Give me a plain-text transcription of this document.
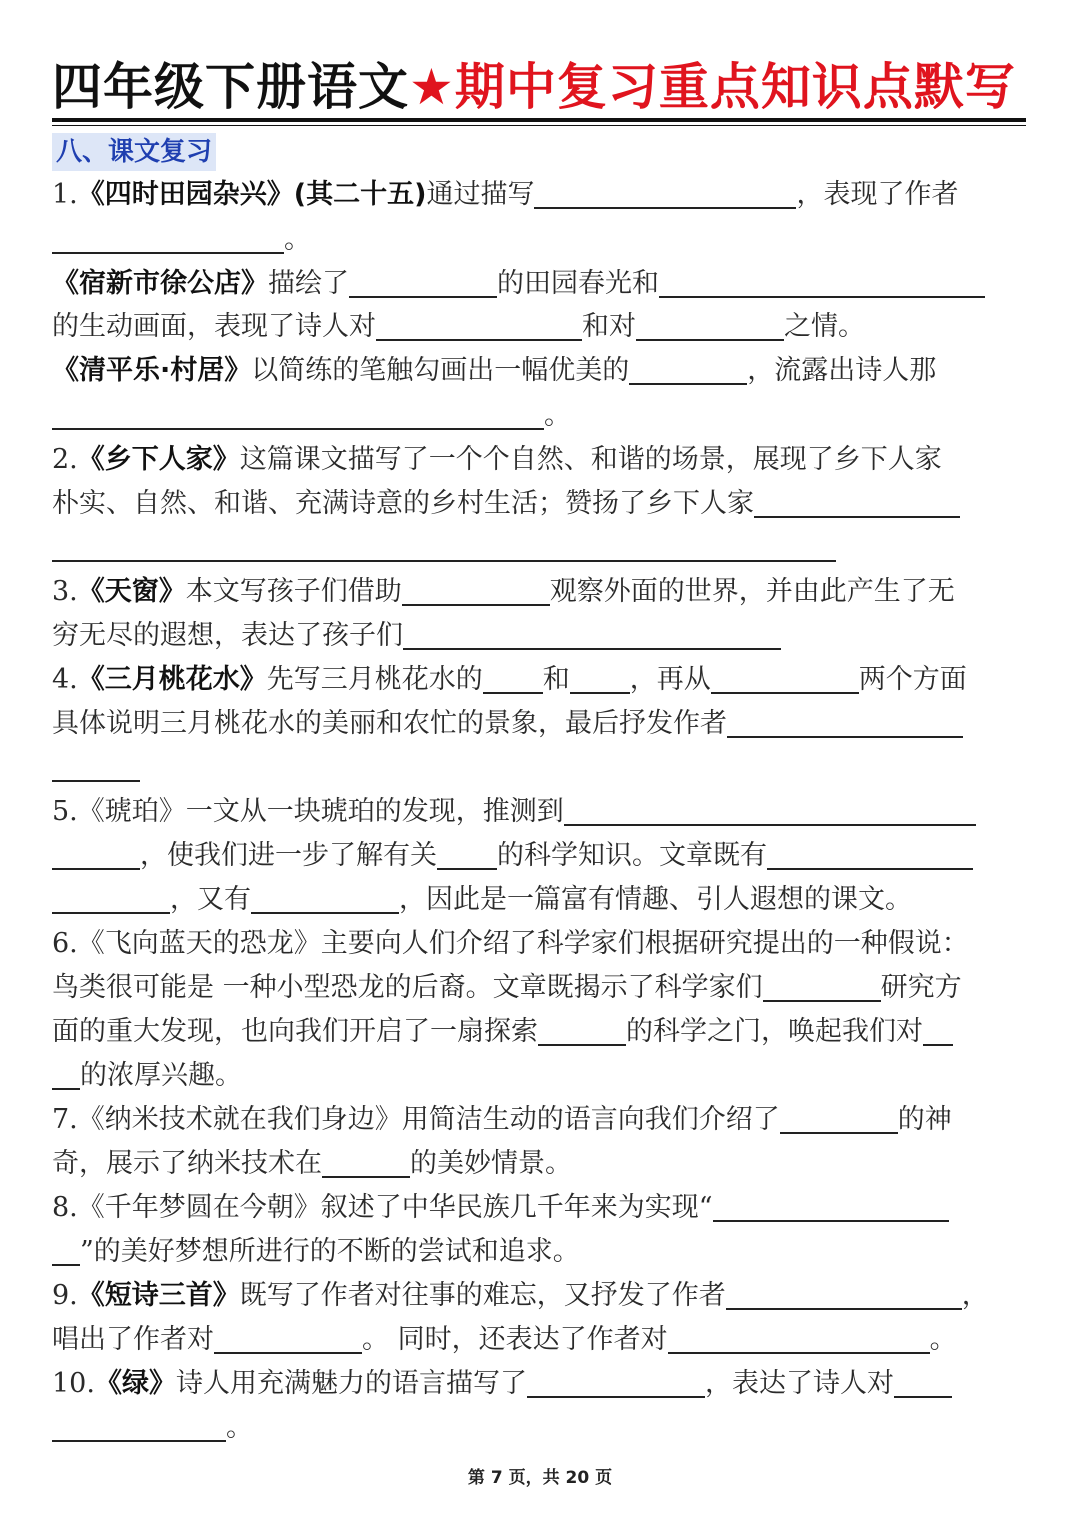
四年级下册语文★期中复习重点知识点默写
八、课文复习
1.《四时田园杂兴》(其二十五)通过描写	，表现了作者
。
《宿新市徐公店》描绘了	的田园春光和
的生动画面，表现了诗人对	和对	之情。
《清平乐·村居》以简练的笔触勾画出一幅优美的	，流露出诗人那
。
2.《乡下人家》这篇课文描写了一个个自然、和谐的场景，展现了乡下人家
朴实、自然、和谐、充满诗意的乡村生活；赞扬了乡下人家
3.《天窗》本文写孩子们借助	观察外面的世界，并由此产生了无
穷无尽的遐想，表达了孩子们
4.《三月桃花水》先写三月桃花水的 和 ，再从	两个方面
具体说明三月桃花水的美丽和农忙的景象，最后抒发作者
5.《琥珀》一文从一块琥珀的发现，推测到
，使我们进一步了解有关 的科学知识。文章既有
，又有	，因此是一篇富有情趣、引人遐想的课文。
6.《飞向蓝天的恐龙》主要向人们介绍了科学家们根据研究提出的一种假说：
鸟类很可能是 一种小型恐龙的后裔。文章既揭示了科学家们	研究方
面的重大发现，也向我们开启了一扇探索	的科学之门，唤起我们对
的浓厚兴趣。
7.《纳米技术就在我们身边》用简洁生动的语言向我们介绍了	的神
奇，展示了纳米技术在	的美妙情景。
8.《千年梦圆在今朝》叙述了中华民族几千年来为实现“
”的美好梦想所进行的不断的尝试和追求。
9.《短诗三首》既写了作者对往事的难忘，又抒发了作者	，
唱出了作者对	。 同时，还表达了作者对	。
10.《绿》诗人用充满魅力的语言描写了	，表达了诗人对
。
第 7 页，共 20 页
